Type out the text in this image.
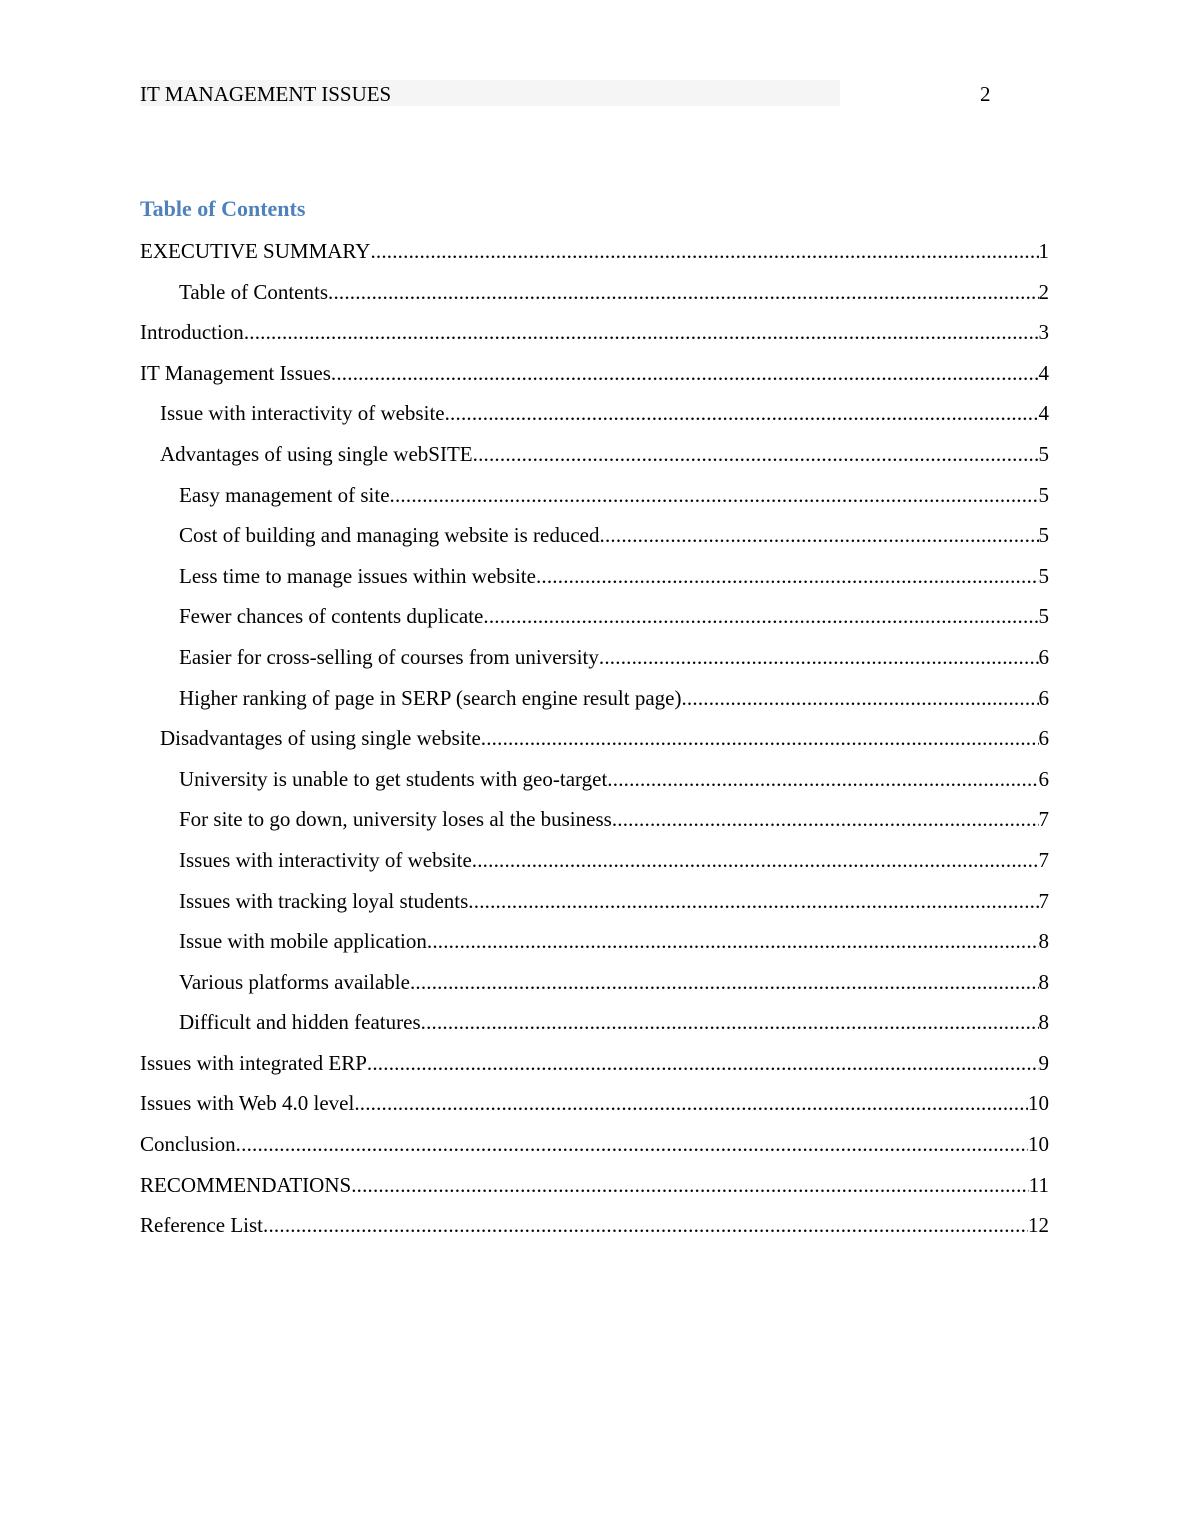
IT MANAGEMENT ISSUES	2
Table of Contents
EXECUTIVE SUMMARY .....	1
Table of Contents .....	2
Introduction .....	3
IT Management Issues .....	4
Issue with interactivity of website .....	4
Advantages of using single webSITE .....	5
Easy management of site .....	5
Cost of building and managing website is reduced .....	5
Less time to manage issues within website .....	5
Fewer chances of contents duplicate .....	5
Easier for cross-selling of courses from university .....	6
Higher ranking of page in SERP (search engine result page) .....	6
Disadvantages of using single website .....	6
University is unable to get students with geo-target .....	6
For site to go down, university loses al the business .....	7
Issues with interactivity of website .....	7
Issues with tracking loyal students .....	7
Issue with mobile application .....	8
Various platforms available .....	8
Difficult and hidden features .....	8
Issues with integrated ERP .....	9
Issues with Web 4.0 level .....	10
Conclusion .....	10
RECOMMENDATIONS .....	11
Reference List .....	12
